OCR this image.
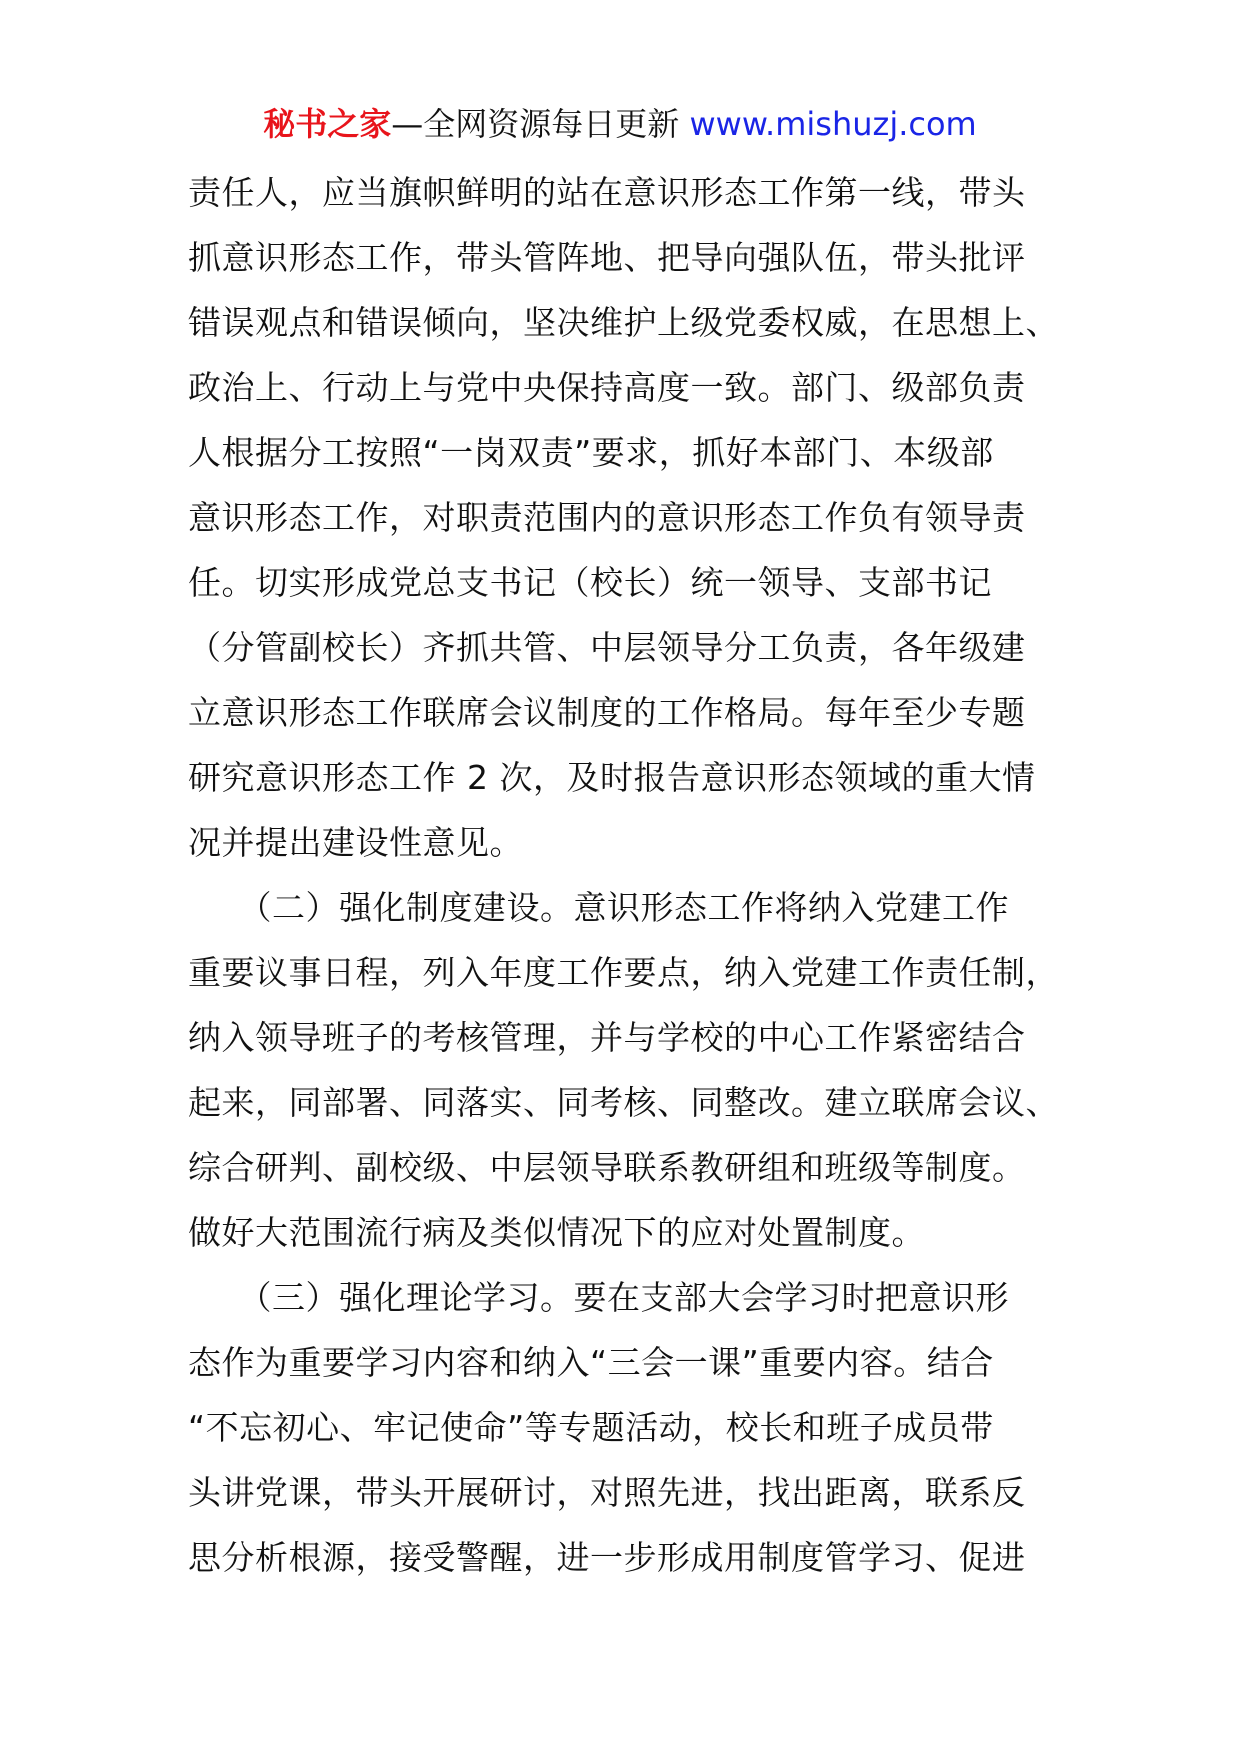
秘书之家—全网资源每日更新 www.mishuzj.com
责任人，应当旗帜鲜明的站在意识形态工作第一线，带头
抓意识形态工作，带头管阵地、把导向强队伍，带头批评
错误观点和错误倾向，坚决维护上级党委权威，在思想上、
政治上、行动上与党中央保持高度一致。部门、级部负责
人根据分工按照“一岗双责”要求，抓好本部门、本级部
意识形态工作，对职责范围内的意识形态工作负有领导责
任。切实形成党总支书记（校长）统一领导、支部书记
（分管副校长）齐抓共管、中层领导分工负责，各年级建
立意识形态工作联席会议制度的工作格局。每年至少专题
研究意识形态工作 2 次，及时报告意识形态领域的重大情
况并提出建设性意见。
　　（二）强化制度建设。意识形态工作将纳入党建工作
重要议事日程，列入年度工作要点，纳入党建工作责任制，
纳入领导班子的考核管理，并与学校的中心工作紧密结合
起来，同部署、同落实、同考核、同整改。建立联席会议、
综合研判、副校级、中层领导联系教研组和班级等制度。
做好大范围流行病及类似情况下的应对处置制度。
　　（三）强化理论学习。要在支部大会学习时把意识形
态作为重要学习内容和纳入“三会一课”重要内容。结合
“不忘初心、牢记使命”等专题活动，校长和班子成员带
头讲党课，带头开展研讨，对照先进，找出距离，联系反
思分析根源，接受警醒，进一步形成用制度管学习、促进
